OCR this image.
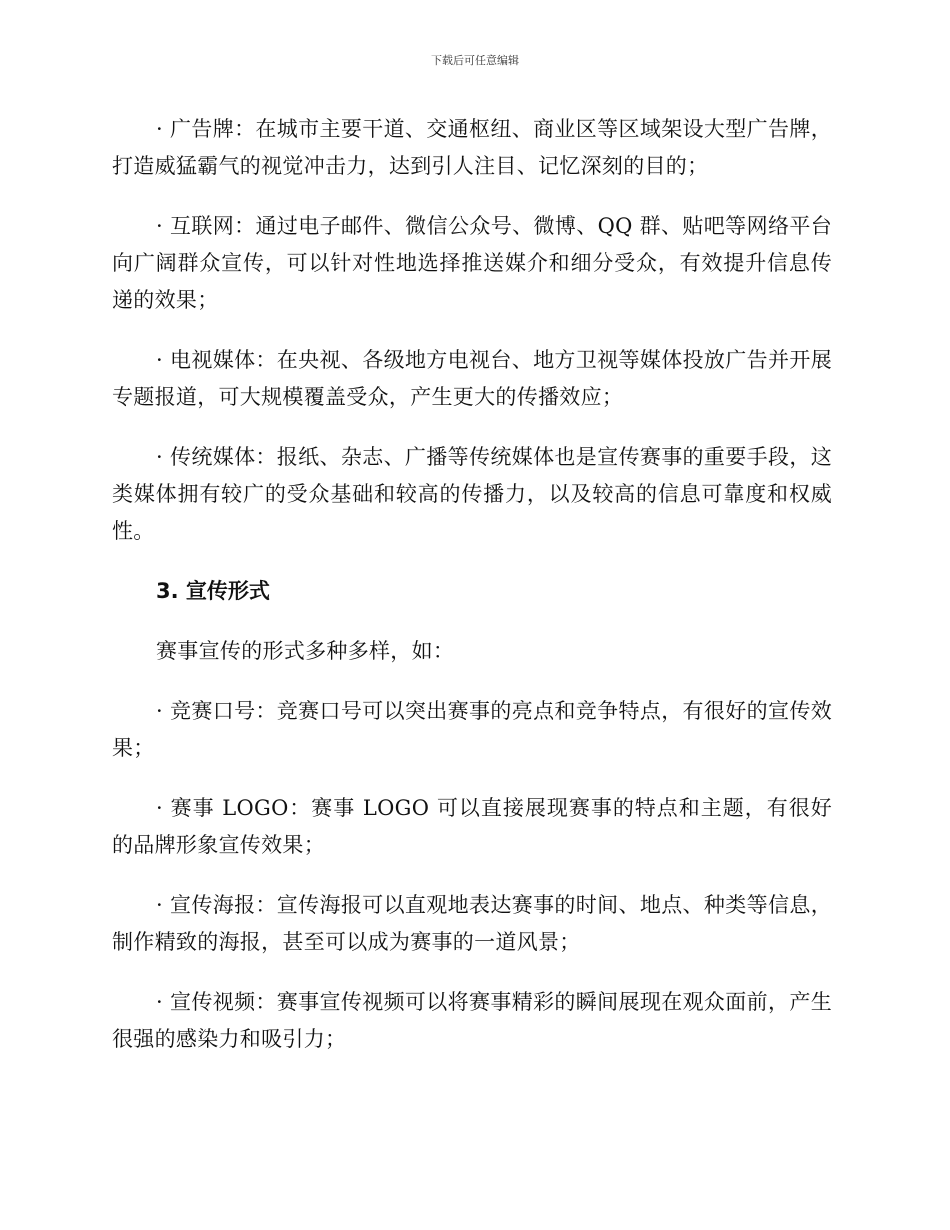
下载后可任意编辑

· 广告牌：在城市主要干道、交通枢纽、商业区等区域架设大型广告牌，打造威猛霸气的视觉冲击力，达到引人注目、记忆深刻的目的；

· 互联网：通过电子邮件、微信公众号、微博、QQ 群、贴吧等网络平台向广阔群众宣传，可以针对性地选择推送媒介和细分受众，有效提升信息传递的效果；

· 电视媒体：在央视、各级地方电视台、地方卫视等媒体投放广告并开展专题报道，可大规模覆盖受众，产生更大的传播效应；

· 传统媒体：报纸、杂志、广播等传统媒体也是宣传赛事的重要手段，这类媒体拥有较广的受众基础和较高的传播力，以及较高的信息可靠度和权威性。

3. 宣传形式

赛事宣传的形式多种多样，如：

· 竞赛口号：竞赛口号可以突出赛事的亮点和竞争特点，有很好的宣传效果；

· 赛事 LOGO：赛事 LOGO 可以直接展现赛事的特点和主题，有很好的品牌形象宣传效果；

· 宣传海报：宣传海报可以直观地表达赛事的时间、地点、种类等信息，制作精致的海报，甚至可以成为赛事的一道风景；

· 宣传视频：赛事宣传视频可以将赛事精彩的瞬间展现在观众面前，产生很强的感染力和吸引力；
